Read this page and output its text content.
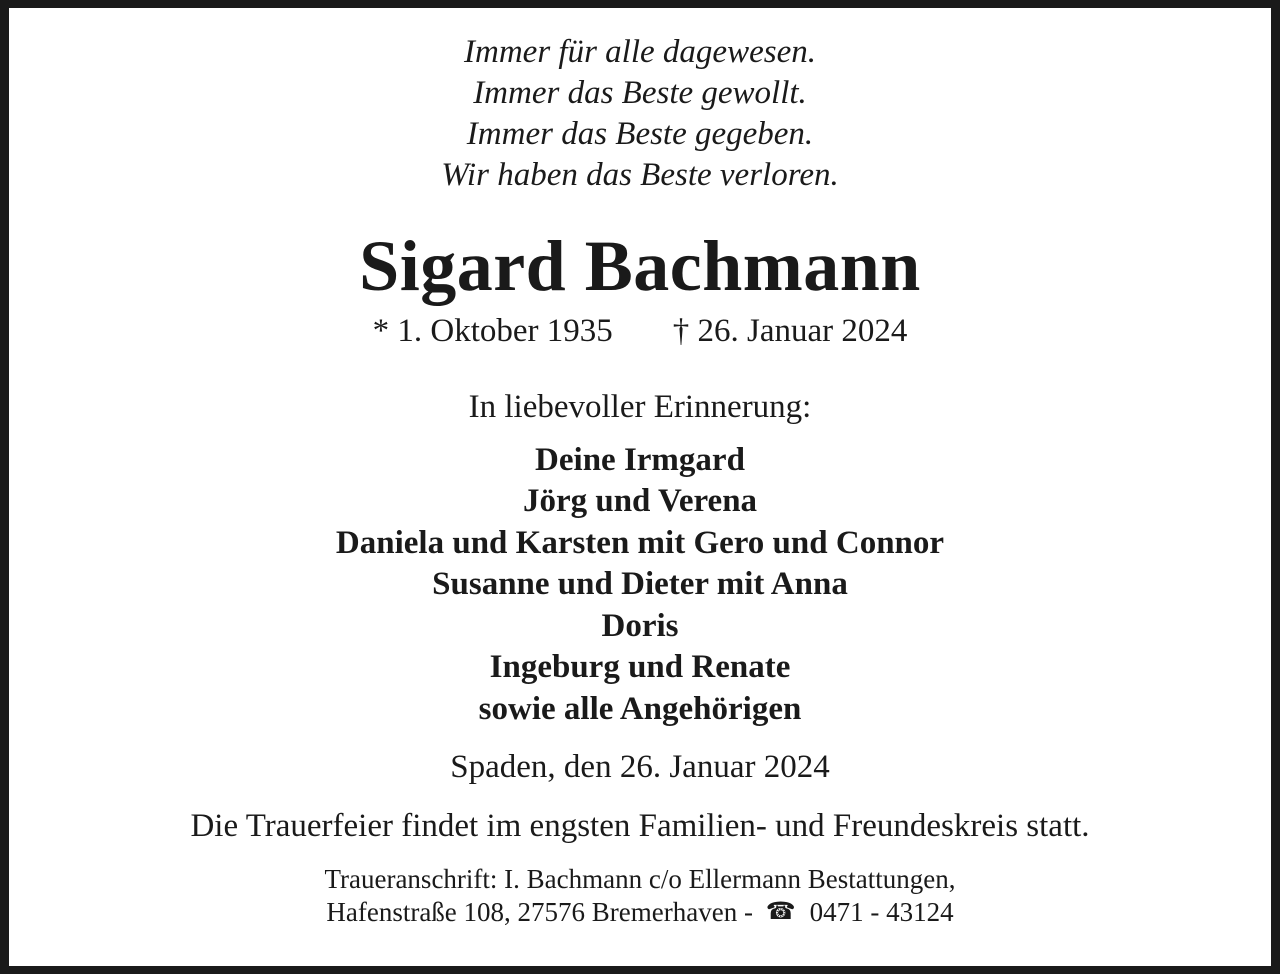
Immer für alle dagewesen.
Immer das Beste gewollt.
Immer das Beste gegeben.
Wir haben das Beste verloren.
Sigard Bachmann
* 1. Oktober 1935 † 26. Januar 2024
In liebevoller Erinnerung:
Deine Irmgard
Jörg und Verena
Daniela und Karsten mit Gero und Connor
Susanne und Dieter mit Anna
Doris
Ingeburg und Renate
sowie alle Angehörigen
Spaden, den 26. Januar 2024
Die Trauerfeier findet im engsten Familien- und Freundeskreis statt.
Traueranschrift: I. Bachmann c/o Ellermann Bestattungen,
Hafenstraße 108, 27576 Bremerhaven - ☎ 0471 - 43124
